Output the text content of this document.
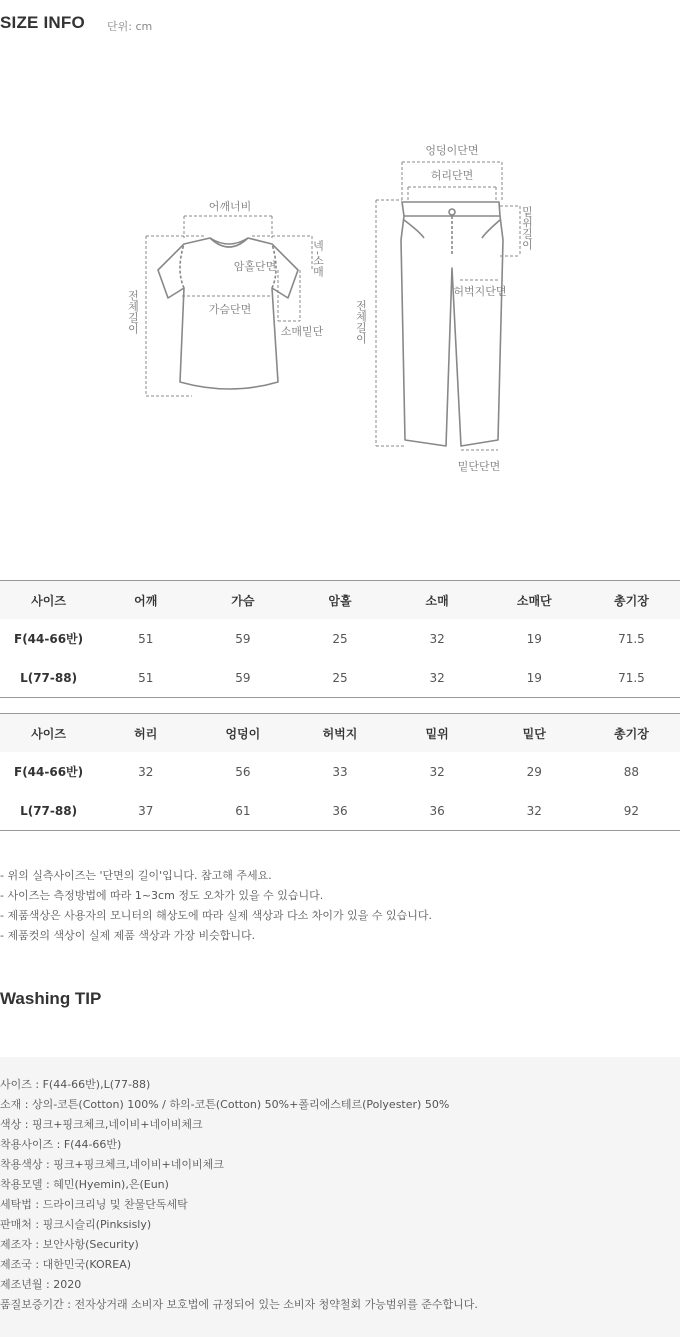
SIZE INFO 단위: cm
어깨너비
암홀단면
가슴단면
소매밑단
넥-소매
전체길이
엉덩이단면
허리단면
허벅지단면
밑단단면
밑위길이
전체길이
사이즈	어깨	가슴	암홀	소매	소매단	총기장
F(44-66반)	51	59	25	32	19	71.5
L(77-88)	51	59	25	32	19	71.5
사이즈	허리	엉덩이	허벅지	밑위	밑단	총기장
F(44-66반)	32	56	33	32	29	88
L(77-88)	37	61	36	36	32	92
- 위의 실측사이즈는 '단면의 길이'입니다. 참고해 주세요.
- 사이즈는 측정방법에 따라 1~3cm 정도 오차가 있을 수 있습니다.
- 제품색상은 사용자의 모니터의 해상도에 따라 실제 색상과 다소 차이가 있을 수 있습니다.
- 제품컷의 색상이 실제 제품 색상과 가장 비슷합니다.
Washing TIP
사이즈 : F(44-66반),L(77-88)
소재 : 상의-코튼(Cotton) 100% / 하의-코튼(Cotton) 50%+폴리에스테르(Polyester) 50%
색상 : 핑크+핑크체크,네이비+네이비체크
착용사이즈 : F(44-66반)
착용색상 : 핑크+핑크체크,네이비+네이비체크
착용모델 : 혜민(Hyemin),은(Eun)
세탁법 : 드라이크리닝 및 찬물단독세탁
판매처 : 핑크시슬리(Pinksisly)
제조자 : 보안사항(Security)
제조국 : 대한민국(KOREA)
제조년월 : 2020
품질보증기간 : 전자상거래 소비자 보호법에 규정되어 있는 소비자 청약철회 가능범위를 준수합니다.
